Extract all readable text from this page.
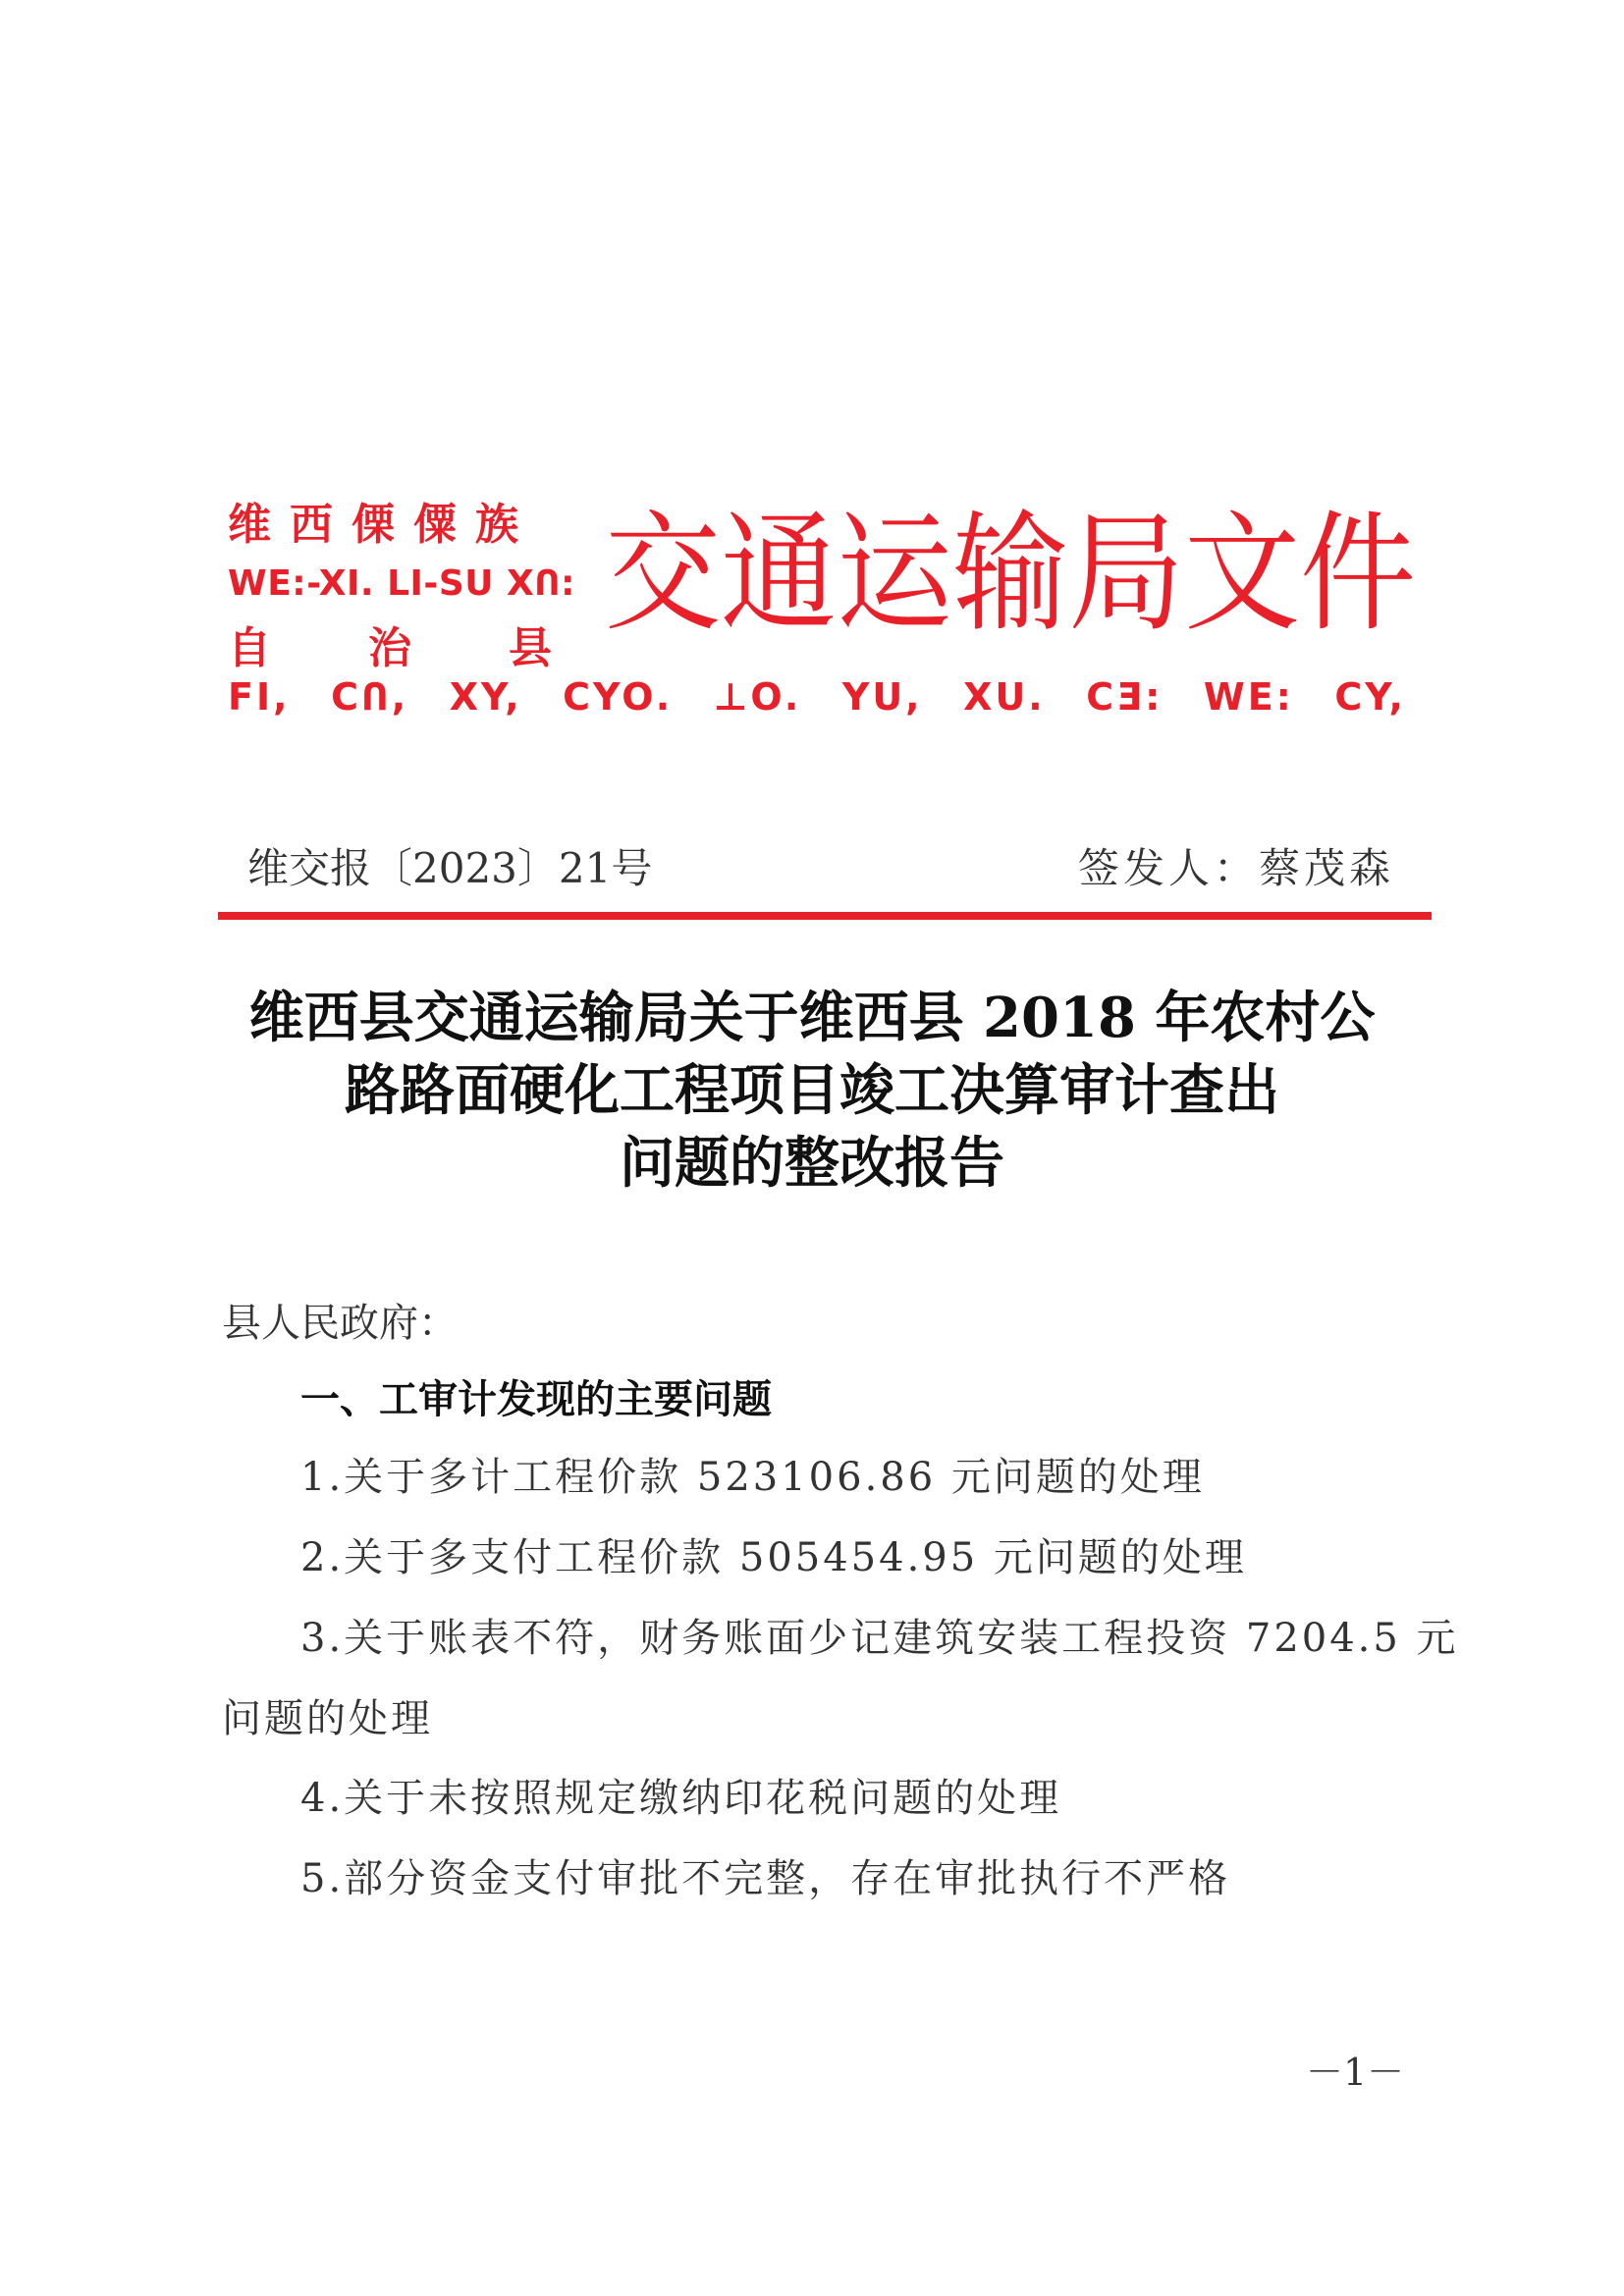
维西傈僳族
WE:-XI. LI-SU XՈ:
自 治 县 交 通 运 输 局 文 件
FI, CՈ, XY, CYO. ⊥O. YU, XU. CƎ: WE: CY,
维交报〔2023〕21号	签发人：蔡茂森
维西县交通运输局关于维西县 2018 年农村公
路路面硬化工程项目竣工决算审计查出
问题的整改报告
县人民政府：
一、工审计发现的主要问题
1.关于多计工程价款 523106.86 元问题的处理
2.关于多支付工程价款 505454.95 元问题的处理
3.关于账表不符，财务账面少记建筑安装工程投资 7204.5 元
问题的处理
4.关于未按照规定缴纳印花税问题的处理
5.部分资金支付审批不完整，存在审批执行不严格
－1－
